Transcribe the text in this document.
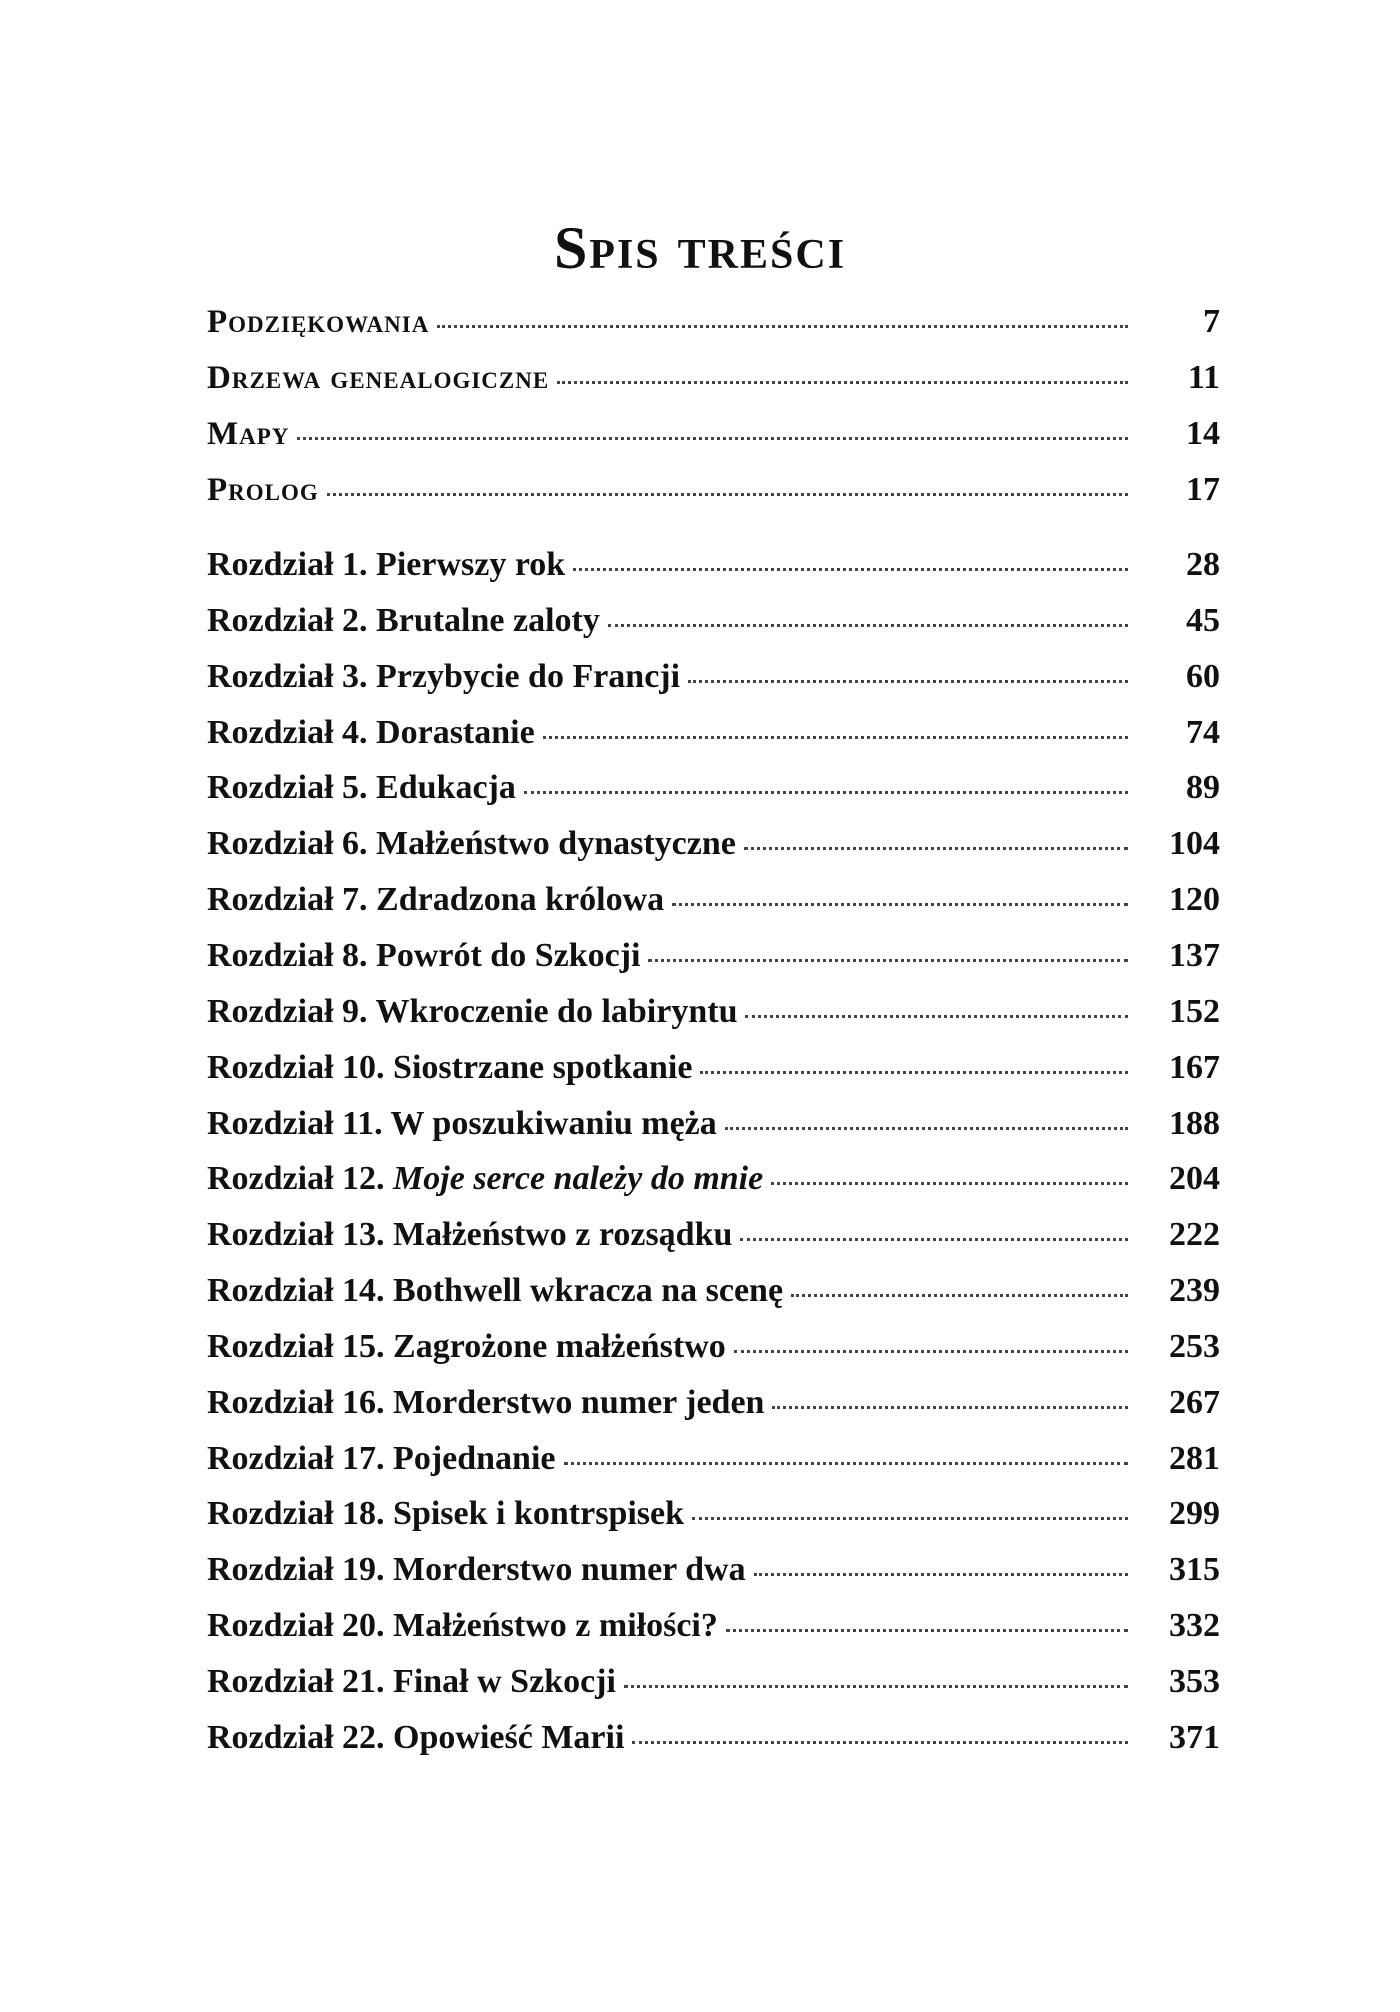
Spis treści
Podziękowania	7
Drzewa genealogiczne	11
Mapy	14
Prolog	17
Rozdział 1. Pierwszy rok	28
Rozdział 2. Brutalne zaloty	45
Rozdział 3. Przybycie do Francji	60
Rozdział 4. Dorastanie	74
Rozdział 5. Edukacja	89
Rozdział 6. Małżeństwo dynastyczne	104
Rozdział 7. Zdradzona królowa	120
Rozdział 8. Powrót do Szkocji	137
Rozdział 9. Wkroczenie do labiryntu	152
Rozdział 10. Siostrzane spotkanie	167
Rozdział 11. W poszukiwaniu męża	188
Rozdział 12. Moje serce należy do mnie	204
Rozdział 13. Małżeństwo z rozsądku	222
Rozdział 14. Bothwell wkracza na scenę	239
Rozdział 15. Zagrożone małżeństwo	253
Rozdział 16. Morderstwo numer jeden	267
Rozdział 17. Pojednanie	281
Rozdział 18. Spisek i kontrspisek	299
Rozdział 19. Morderstwo numer dwa	315
Rozdział 20. Małżeństwo z miłości?	332
Rozdział 21. Finał w Szkocji	353
Rozdział 22. Opowieść Marii	371
